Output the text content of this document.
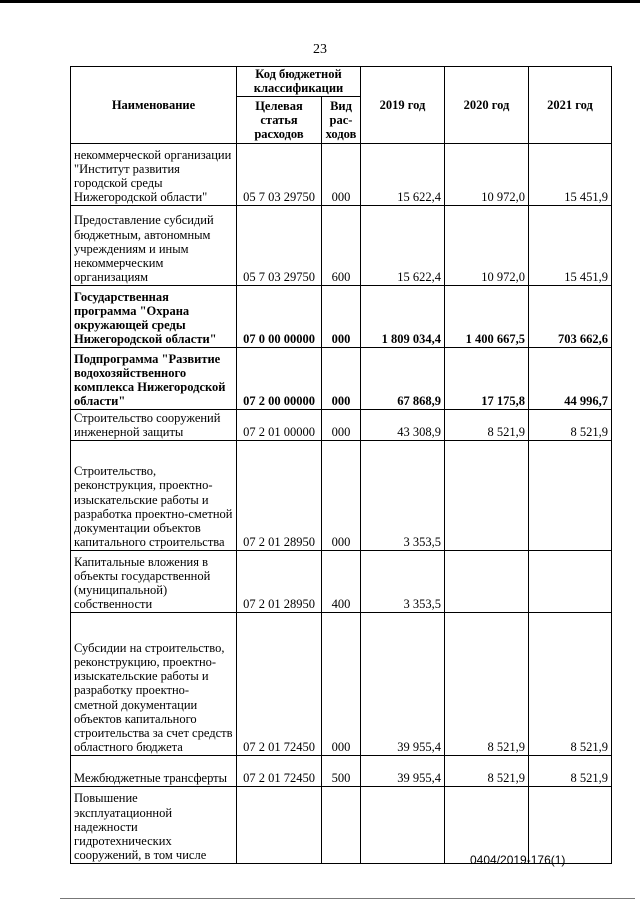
23
Наименование	Код бюджетной классификации		2019 год	2020 год	2021 год
	Целевая статья расходов	Вид рас-ходов			
некоммерческой организации "Институт развития городской среды Нижегородской области"	05 7 03 29750	000	15 622,4	10 972,0	15 451,9
Предоставление субсидий бюджетным, автономным учреждениям и иным некоммерческим организациям	05 7 03 29750	600	15 622,4	10 972,0	15 451,9
Государственная программа "Охрана окружающей среды Нижегородской области"	07 0 00 00000	000	1 809 034,4	1 400 667,5	703 662,6
Подпрограмма "Развитие водохозяйственного комплекса Нижегородской области"	07 2 00 00000	000	67 868,9	17 175,8	44 996,7
Строительство сооружений инженерной защиты	07 2 01 00000	000	43 308,9	8 521,9	8 521,9
Строительство, реконструкция, проектно-изыскательские работы и разработка проектно-сметной документации объектов капитального строительства	07 2 01 28950	000	3 353,5		
Капитальные вложения в объекты государственной (муниципальной) собственности	07 2 01 28950	400	3 353,5		
Субсидии на строительство, реконструкцию, проектно-изыскательские работы и разработку проектно-сметной документации объектов капитального строительства за счет средств областного бюджета	07 2 01 72450	000	39 955,4	8 521,9	8 521,9
Межбюджетные трансферты	07 2 01 72450	500	39 955,4	8 521,9	8 521,9
Повышение эксплуатационной надежности гидротехнических сооружений, в том числе						0404/2019-176(1)
